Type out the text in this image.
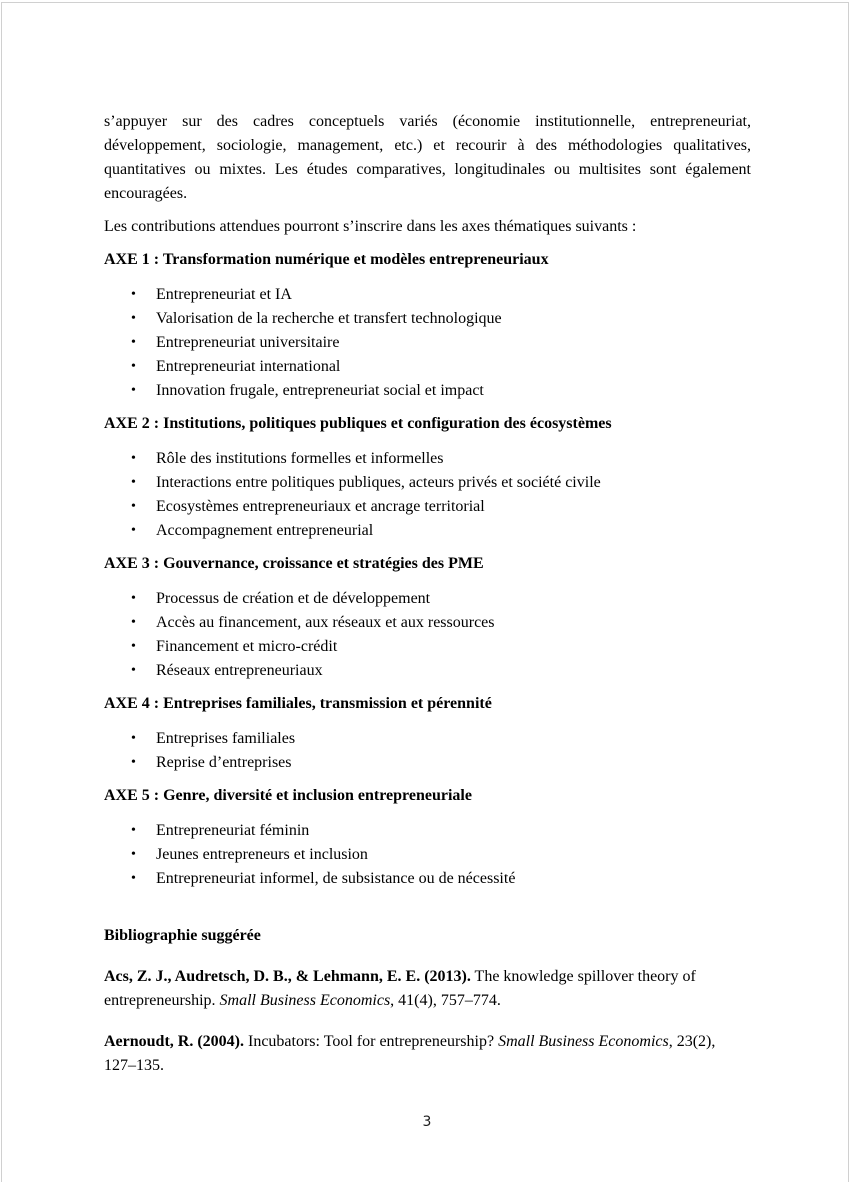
s’appuyer sur des cadres conceptuels variés (économie institutionnelle, entrepreneuriat, développement, sociologie, management, etc.) et recourir à des méthodologies qualitatives, quantitatives ou mixtes. Les études comparatives, longitudinales ou multisites sont également encouragées.

Les contributions attendues pourront s’inscrire dans les axes thématiques suivants :

AXE 1 : Transformation numérique et modèles entrepreneuriaux

• Entrepreneuriat et IA
• Valorisation de la recherche et transfert technologique
• Entrepreneuriat universitaire
• Entrepreneuriat international
• Innovation frugale, entrepreneuriat social et impact

AXE 2 : Institutions, politiques publiques et configuration des écosystèmes

• Rôle des institutions formelles et informelles
• Interactions entre politiques publiques, acteurs privés et société civile
• Ecosystèmes entrepreneuriaux et ancrage territorial
• Accompagnement entrepreneurial

AXE 3 : Gouvernance, croissance et stratégies des PME

• Processus de création et de développement
• Accès au financement, aux réseaux et aux ressources
• Financement et micro-crédit
• Réseaux entrepreneuriaux

AXE 4 : Entreprises familiales, transmission et pérennité

• Entreprises familiales
• Reprise d’entreprises

AXE 5 : Genre, diversité et inclusion entrepreneuriale

• Entrepreneuriat féminin
• Jeunes entrepreneurs et inclusion
• Entrepreneuriat informel, de subsistance ou de nécessité

Bibliographie suggérée

Acs, Z. J., Audretsch, D. B., & Lehmann, E. E. (2013). The knowledge spillover theory of entrepreneurship. Small Business Economics, 41(4), 757–774.

Aernoudt, R. (2004). Incubators: Tool for entrepreneurship? Small Business Economics, 23(2), 127–135.

3
